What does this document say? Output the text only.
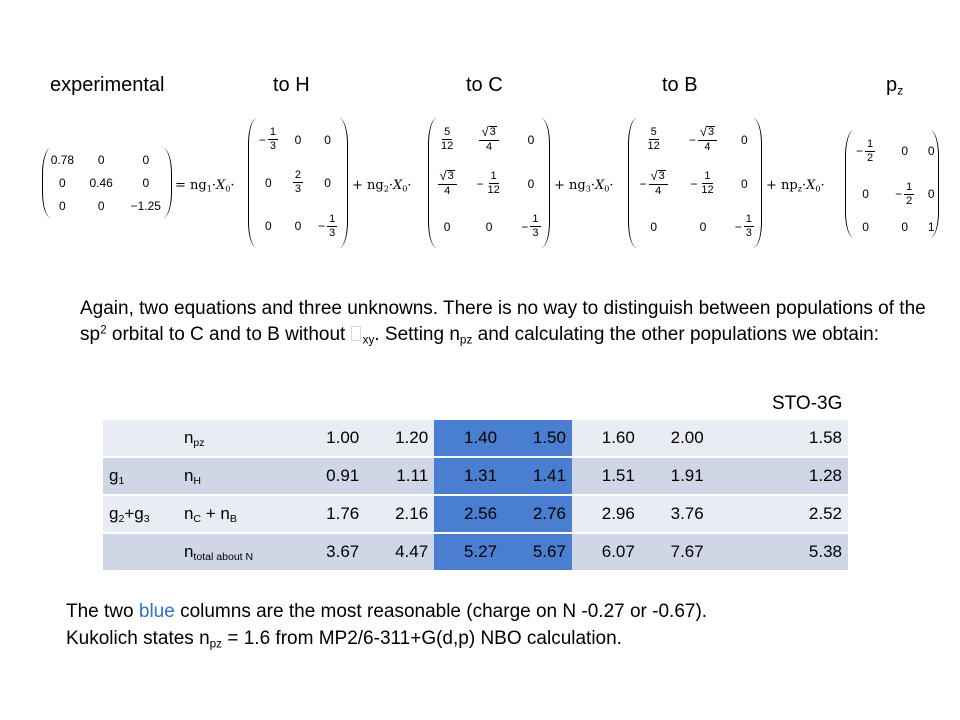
experimental	to H	to C	to B	$p_z$
0.78	0	0
0	0.46	0
0	0	−1.25
= $ng_1\cdot X_0\cdot$
− $\frac{1}{3}$	0	0
0	$\frac{2}{3}$	0
0	0	− $\frac{1}{3}$
+ $ng_2\cdot X_0\cdot$
$\frac{5}{12}$	$\frac{√ 3}{4}$	0

$\frac{√ 3}{4}$	− $\frac{1}{12}$	0
0	0	− $\frac{1}{3}$
+ $ng_3\cdot X_0\cdot$
$\frac{5}{12}$	− $\frac{√ 3}{4}$	0

− $\frac{√ 3}{4}$	− $\frac{1}{12}$	0
0	0	− $\frac{1}{3}$
+ $np_z\cdot X_0\cdot$
− $\frac{1}{2}$	0	0
0	− $\frac{1}{2}$	0
0	0	1
Again, two equations and three unknowns. There is no way to distinguish between populations of the $sp^2$ orbital to C and to B without $_{xy}$. Setting $n_{pz}$ and calculating the other populations we obtain:
STO-3G
	$n_{pz}$	1.00	1.20	1.40	1.50	1.60	2.00		1.58
$g_1$	$n_H$	0.91	1.11	1.31	1.41	1.51	1.91		1.28
$g_2+g_3$	$n_C + n_B$	1.76	2.16	2.56	2.76	2.96	3.76		2.52
	$n_{total about N}$	3.67	4.47	5.27	5.67	6.07	7.67		5.38
The two blue columns are the most reasonable (charge on N -0.27 or -0.67).
Kukolich states $n_{pz} = 1.6$ from MP2/6-311+G(d,p) NBO calculation.
